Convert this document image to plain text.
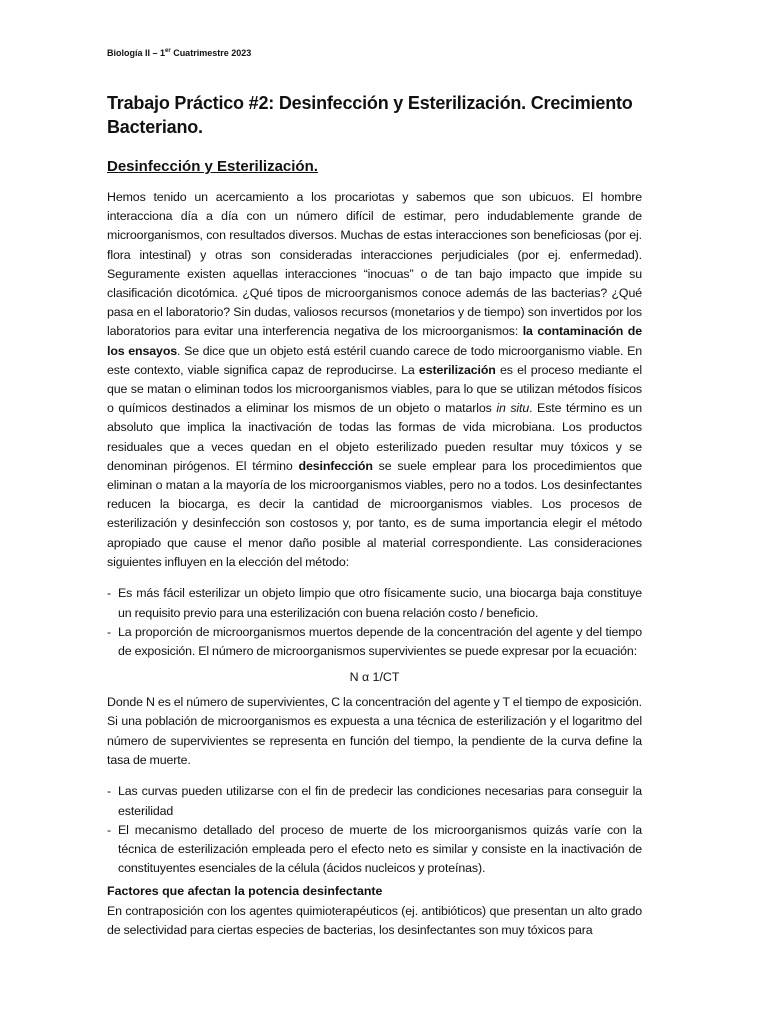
Biología II – 1er Cuatrimestre 2023

Trabajo Práctico #2: Desinfección y Esterilización. Crecimiento Bacteriano.
Desinfección y Esterilización.

Hemos tenido un acercamiento a los procariotas y sabemos que son ubicuos. El hombre interacciona día a día con un número difícil de estimar, pero indudablemente grande de microorganismos, con resultados diversos. Muchas de estas interacciones son beneficiosas (por ej. flora intestinal) y otras son consideradas interacciones perjudiciales (por ej. enfermedad). Seguramente existen aquellas interacciones “inocuas” o de tan bajo impacto que impide su clasificación dicotómica. ¿Qué tipos de microorganismos conoce además de las bacterias? ¿Qué pasa en el laboratorio? Sin dudas, valiosos recursos (monetarios y de tiempo) son invertidos por los laboratorios para evitar una interferencia negativa de los microorganismos: la contaminación de los ensayos. Se dice que un objeto está estéril cuando carece de todo microorganismo viable. En este contexto, viable significa capaz de reproducirse. La esterilización es el proceso mediante el que se matan o eliminan todos los microorganismos viables, para lo que se utilizan métodos físicos o químicos destinados a eliminar los mismos de un objeto o matarlos in situ. Este término es un absoluto que implica la inactivación de todas las formas de vida microbiana. Los productos residuales que a veces quedan en el objeto esterilizado pueden resultar muy tóxicos y se denominan pirógenos. El término desinfección se suele emplear para los procedimientos que eliminan o matan a la mayoría de los microorganismos viables, pero no a todos. Los desinfectantes reducen la biocarga, es decir la cantidad de microorganismos viables. Los procesos de esterilización y desinfección son costosos y, por tanto, es de suma importancia elegir el método apropiado que cause el menor daño posible al material correspondiente. Las consideraciones siguientes influyen en la elección del método:

- Es más fácil esterilizar un objeto limpio que otro físicamente sucio, una biocarga baja constituye un requisito previo para una esterilización con buena relación costo / beneficio.
- La proporción de microorganismos muertos depende de la concentración del agente y del tiempo de exposición. El número de microorganismos supervivientes se puede expresar por la ecuación:
N α 1/CT

Donde N es el número de supervivientes, C la concentración del agente y T el tiempo de exposición. Si una población de microorganismos es expuesta a una técnica de esterilización y el logaritmo del número de supervivientes se representa en función del tiempo, la pendiente de la curva define la tasa de muerte.

- Las curvas pueden utilizarse con el fin de predecir las condiciones necesarias para conseguir la esterilidad
- El mecanismo detallado del proceso de muerte de los microorganismos quizás varíe con la técnica de esterilización empleada pero el efecto neto es similar y consiste en la inactivación de constituyentes esenciales de la célula (ácidos nucleicos y proteínas).
Factores que afectan la potencia desinfectante

En contraposición con los agentes quimioterapéuticos (ej. antibióticos) que presentan un alto grado de selectividad para ciertas especies de bacterias, los desinfectantes son muy tóxicos para
